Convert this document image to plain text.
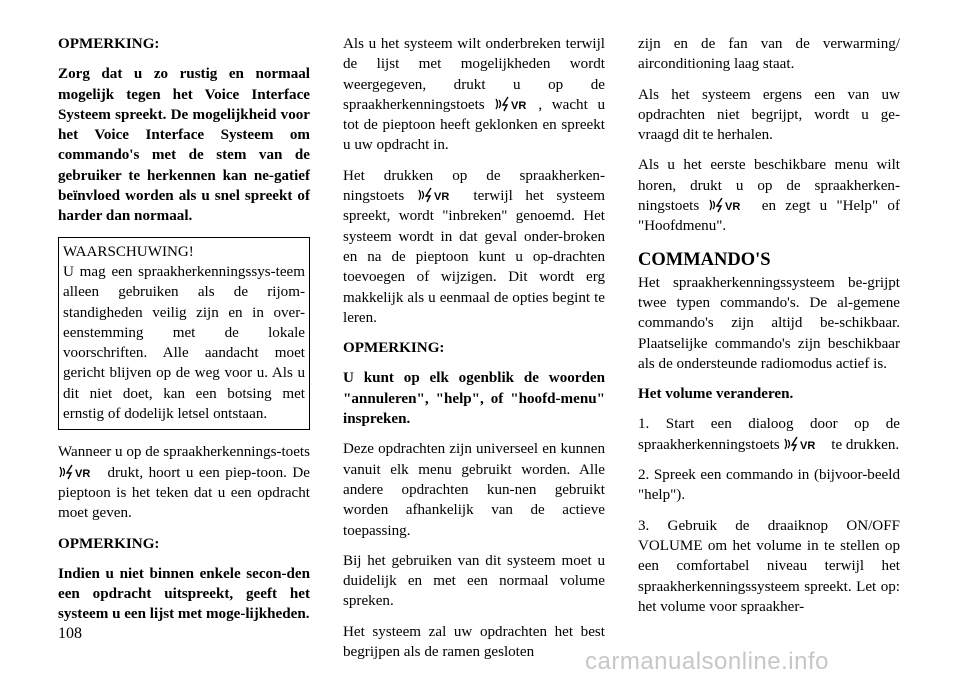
OPMERKING:

Zorg dat u zo rustig en normaal mogelijk tegen het Voice Interface Systeem spreekt. De mogelijkheid voor het Voice Interface Systeem om commando's met de stem van de gebruiker te herkennen kan ne-gatief beïnvloed worden als u snel spreekt of harder dan normaal.

WAARSCHUWING!
U mag een spraakherkenningssys-teem alleen gebruiken als de rijom-standigheden veilig zijn en in over-eenstemming met de lokale voorschriften. Alle aandacht moet gericht blijven op de weg voor u. Als u dit niet doet, kan een botsing met ernstig of dodelijk letsel ontstaan.

Wanneer u op de spraakherkennings-toets
VR drukt, hoort u een piep-toon. De pieptoon is het teken dat u een opdracht moet geven.

OPMERKING:

Indien u niet binnen enkele secon-den een opdracht uitspreekt, geeft het systeem u een lijst met moge-lijkheden.

Als u het systeem wilt onderbreken terwijl de lijst met mogelijkheden wordt weergegeven, drukt u op de spraakherkenningstoets VR , wacht u tot de pieptoon heeft geklonken en spreekt u uw opdracht in.

Het drukken op de spraakherken-ningstoets	VR terwijl het systeem spreekt, wordt "inbreken" genoemd. Het systeem wordt in dat geval onder-broken en na de pieptoon kunt u op-drachten toevoegen of wijzigen. Dit wordt erg makkelijk als u eenmaal de opties begint te leren.

OPMERKING:

U kunt op elk ogenblik de woorden "annuleren", "help", of "hoofd-menu" inspreken.

Deze opdrachten zijn universeel en kunnen vanuit elk menu gebruikt worden. Alle andere opdrachten kun-nen gebruikt worden afhankelijk van de actieve toepassing.

Bij het gebruiken van dit systeem moet u duidelijk en met een normaal volume spreken.

Het systeem zal uw opdrachten het best begrijpen als de ramen gesloten

zijn en de fan van de verwarming/ airconditioning laag staat.

Als het systeem ergens een van uw opdrachten niet begrijpt, wordt u ge-vraagd dit te herhalen.

Als u het eerste beschikbare menu wilt horen, drukt u op de spraakherken-ningstoets VR en zegt u "Help" of "Hoofdmenu".

COMMANDO'S

Het spraakherkenningssysteem be-grijpt twee typen commando's. De al-gemene commando's zijn altijd be-schikbaar. Plaatselijke commando's zijn beschikbaar als de ondersteunde radiomodus actief is.

Het volume veranderen.

1. Start een dialoog door op de spraakherkenningstoets VR te drukken.

2. Spreek een commando in (bijvoor-beeld "help").

3. Gebruik de draaiknop ON/OFF VOLUME om het volume in te stellen op een comfortabel niveau terwijl het spraakherkenningssysteem spreekt. Let op: het volume voor spraakher-

108
carmanualsonline.info
